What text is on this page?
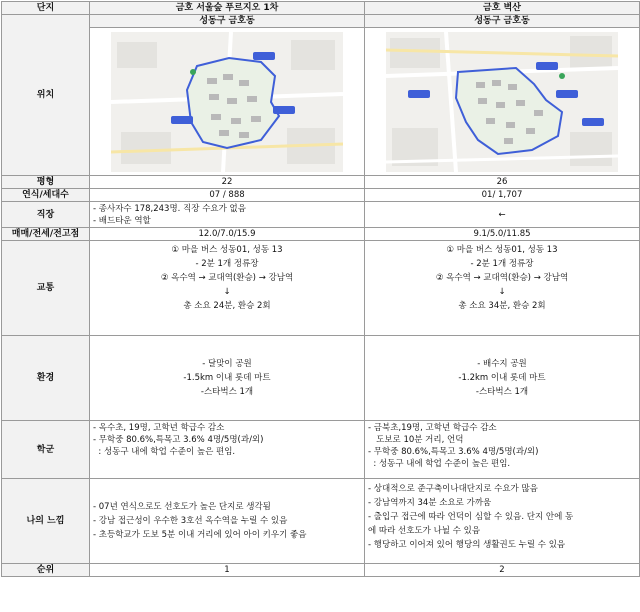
단지	금호 서울숲 푸르지오 1차	금호 벽산
위치	성동구 금호동	성동구 금호동

평형	22	26
연식/세대수	07 / 888	01/ 1,707
직장	- 종사자수 178,243명. 직장 수요가 없음
- 배드타운 역할	←
매매/전세/전고점	12.0/7.0/15.9	9.1/5.0/11.85
교통	① 마을 버스 성동01, 성동 13
- 2분 1개 정류장
② 옥수역 → 교대역(환승) → 강남역
↓
총 소요 24분, 환승 2회	① 마을 버스 성동01, 성동 13
- 2분 1개 정류장
② 옥수역 → 교대역(환승) → 강남역
↓
총 소요 34분, 환승 2회

환경	- 달맞이 공원
-1.5km 이내 롯데 마트
-스타벅스 1개	- 배수지 공원
-1.2km 이내 롯데 마트
-스타벅스 1개

학군	- 옥수초, 19명, 고학년 학급수 감소
- 무학중 80.6%,특목고 3.6% 4명/5명(과/외)
: 성동구 내에 학업 수준이 높은 편임.	- 금북초,19명, 고학년 학급수 감소
도보로 10분 거리, 언덕
- 무학중 80.6%,특목고 3.6% 4명/5명(과/외)
: 성동구 내에 학업 수준이 높은 편임.

나의 느낌	- 07년 연식으로도 선호도가 높은 단지로 생각됨
- 강남 접근성이 우수한 3호선 옥수역을 누릴 수 있음
- 초등학교가 도보 5분 이내 거리에 있어 아이 키우기 좋음	- 상대적으로 준구축이나대단지로 수요가 많음
- 강남역까지 34분 소요로 가까움
- 출입구 접근에 따라 언덕이 심할 수 있음. 단지 안에 동
에 따라 선호도가 나뉠 수 있음
- 행당하고 이어져 있어 행당의 생활권도 누릴 수 있음

순위	1	2
